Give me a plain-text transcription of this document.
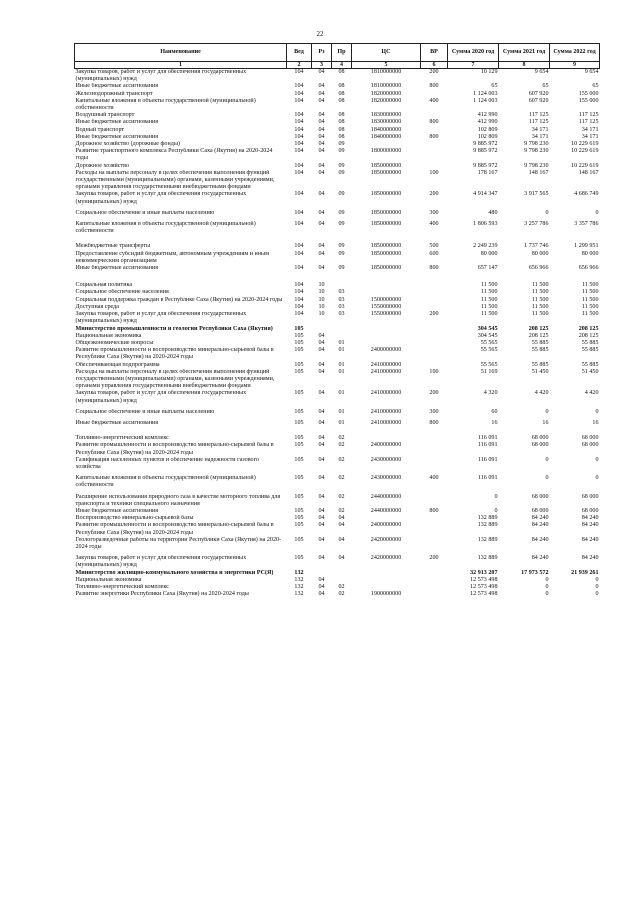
22
Наименование	Вед	Рз	Пр	ЦС	ВР	Сумма 2020 год	Сумма 2021 год	Сумма 2022 год
1	2	3	4	5	6	7	8	9
Закупка товаров, работ и услуг для обеспечения государственных (муниципальных) нужд	104	04	08	1810000000	200	10 129	9 654	9 654
Иные бюджетные ассигнования	104	04	08	1810000000	800	65	65	65
Железнодорожный транспорт	104	04	08	1820000000		1 124 003	607 920	155 000
Капитальные вложения в объекты государственной (муниципальной) собственности	104	04	08	1820000000	400	1 124 003	607 920	155 000
Воздушный транспорт	104	04	08	1830000000		412 990	117 125	117 125
Иные бюджетные ассигнования	104	04	08	1830000000	800	412 990	117 125	117 125
Водный транспорт	104	04	08	1840000000		102 809	34 171	34 171
Иные бюджетные ассигнования	104	04	08	1840000000	800	102 809	34 171	34 171
Дорожное хозяйство (дорожные фонды)	104	04	09			9 885 972	9 798 230	10 229 619
Развитие транспортного комплекса Республики Саха (Якутия) на 2020-2024 годы	104	04	09	1800000000		9 885 972	9 798 230	10 229 619
Дорожное хозяйство	104	04	09	1850000000		9 885 972	9 798 230	10 229 619
Расходы на выплаты персоналу в целях обеспечения выполнения функций государственными (муниципальными) органами, казенными учреждениями, органами управления государственными внебюджетными фондами	104	04	09	1850000000	100	178 167	148 167	148 167
Закупка товаров, работ и услуг для обеспечения государственных (муниципальных) нужд	104	04	09	1850000000	200	4 914 347	3 917 565	4 686 749
Социальное обеспечение и иные выплаты населению	104	04	09	1850000000	300	480	0	0
Капитальные вложения в объекты государственной (муниципальной) собственности	104	04	09	1850000000	400	1 806 593	3 257 786	3 357 786
Межбюджетные трансферты	104	04	09	1850000000	500	2 249 239	1 737 746	1 299 951
Предоставление субсидий бюджетным, автономным учреждениям и иным некоммерческим организациям	104	04	09	1850000000	600	80 000	80 000	80 000
Иные бюджетные ассигнования	104	04	09	1850000000	800	657 147	656 966	656 966
Социальная политика	104	10				11 500	11 500	11 500
Социальное обеспечение населения	104	10	03			11 500	11 500	11 500
Социальная поддержка граждан в Республике Саха (Якутия) на 2020-2024 годы	104	10	03	1500000000		11 500	11 500	11 500
Доступная среда	104	10	03	1550000000		11 500	11 500	11 500
Закупка товаров, работ и услуг для обеспечения государственных (муниципальных) нужд	104	10	03	1550000000	200	11 500	11 500	11 500
Министерство промышленности и геологии Республики Саха (Якутия)	105					304 545	208 125	208 125
Национальная экономика	105	04				304 545	208 125	208 125
Общеэкономические вопросы	105	04	01			55 565	55 885	55 885
Развитие промышленности и воспроизводство минерально-сырьевой базы в Республике Саха (Якутия) на 2020-2024 годы	105	04	01	2400000000		55 565	55 885	55 885
Обеспечивающая подпрограмма	105	04	01	2410000000		55 565	55 885	55 885
Расходы на выплаты персоналу в целях обеспечения выполнения функций государственными (муниципальными) органами, казенными учреждениями, органами управления государственными внебюджетными фондами	105	04	01	2410000000	100	51 169	51 450	51 450
Закупка товаров, работ и услуг для обеспечения государственных (муниципальных) нужд	105	04	01	2410000000	200	4 320	4 420	4 420
Социальное обеспечение и иные выплаты населению	105	04	01	2410000000	300	60	0	0
Иные бюджетные ассигнования	105	04	01	2410000000	800	16	16	16
Топливно-энергетический комплекс	105	04	02			116 091	68 000	68 000
Развитие промышленности и воспроизводство минерально-сырьевой базы в Республике Саха (Якутия) на 2020-2024 годы	105	04	02	2400000000		116 091	68 000	68 000
Газификация населенных пунктов и обеспечение надежности газового хозяйства	105	04	02	2430000000		116 091	0	0
Капитальные вложения в объекты государственной (муниципальной) собственности	105	04	02	2430000000	400	116 091	0	0
Расширение использования природного газа в качестве моторного топлива для транспорта и техники специального назначения	105	04	02	2440000000		0	68 000	68 000
Иные бюджетные ассигнования	105	04	02	2440000000	800	0	68 000	68 000
Воспроизводство минерально-сырьевой базы	105	04	04			132 889	84 240	84 240
Развитие промышленности и воспроизводство минерально-сырьевой базы в Республике Саха (Якутия) на 2020-2024 годы	105	04	04	2400000000		132 889	84 240	84 240
Геологоразведочные работы на территории Республики Саха (Якутия) на 2020-2024 годы	105	04	04	2420000000		132 889	84 240	84 240
Закупка товаров, работ и услуг для обеспечения государственных (муниципальных) нужд	105	04	04	2420000000	200	132 889	84 240	84 240
Министерство жилищно-коммунального хозяйства и энергетики РС(Я)	132					32 913 207	17 973 572	21 939 261
Национальная экономика	132	04				12 573 498	0	0
Топливно-энергетический комплекс	132	04	02			12 573 498	0	0
Развитие энергетики Республики Саха (Якутия) на 2020-2024 годы	132	04	02	1900000000		12 573 498	0	0
